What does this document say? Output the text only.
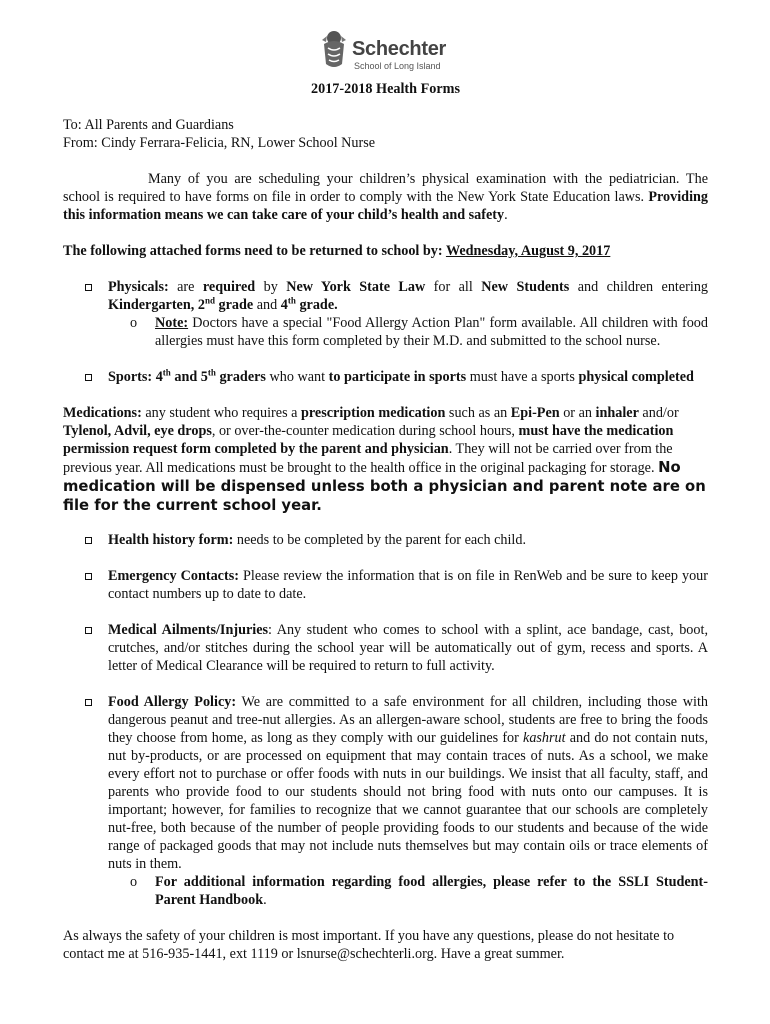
Schechter
School of Long Island

2017-2018 Health Forms

To: All Parents and Guardians

From: Cindy Ferrara-Felicia, RN, Lower School Nurse

Many of you are scheduling your children’s physical examination with the pediatrician. The school is required to have forms on file in order to comply with the New York State Education laws. Providing this information means we can take care of your child’s health and safety.

The following attached forms need to be returned to school by: Wednesday, August 9, 2017

Physicals: are required by New York State Law for all New Students and children entering Kindergarten, 2nd grade and 4th grade.
o Note: Doctors have a special "Food Allergy Action Plan" form available. All children with food allergies must have this form completed by their M.D. and submitted to the school nurse.
Sports: 4th and 5th graders who want to participate in sports must have a sports physical completed

Medications: any student who requires a prescription medication such as an Epi-Pen or an inhaler and/or Tylenol, Advil, eye drops, or over-the-counter medication during school hours, must have the medication permission request form completed by the parent and physician. They will not be carried over from the previous year. All medications must be brought to the health office in the original packaging for storage. No medication will be dispensed unless both a physician and parent note are on file for the current school year.

Health history form: needs to be completed by the parent for each child.
Emergency Contacts: Please review the information that is on file in RenWeb and be sure to keep your contact numbers up to date to date.
Medical Ailments/Injuries: Any student who comes to school with a splint, ace bandage, cast, boot, crutches, and/or stitches during the school year will be automatically out of gym, recess and sports. A letter of Medical Clearance will be required to return to full activity.
Food Allergy Policy: We are committed to a safe environment for all children, including those with dangerous peanut and tree-nut allergies. As an allergen-aware school, students are free to bring the foods they choose from home, as long as they comply with our guidelines for kashrut and do not contain nuts, nut by-products, or are processed on equipment that may contain traces of nuts. As a school, we make every effort not to purchase or offer foods with nuts in our buildings. We insist that all faculty, staff, and parents who provide food to our students should not bring food with nuts onto our campuses. It is important; however, for families to recognize that we cannot guarantee that our schools are completely nut-free, both because of the number of people providing foods to our students and because of the wide range of packaged goods that may not include nuts themselves but may contain oils or trace elements of nuts in them.
o For additional information regarding food allergies, please refer to the SSLI Student-Parent Handbook.

As always the safety of your children is most important. If you have any questions, please do not hesitate to contact me at 516-935-1441, ext 1119 or lsnurse@schechterli.org. Have a great summer.
